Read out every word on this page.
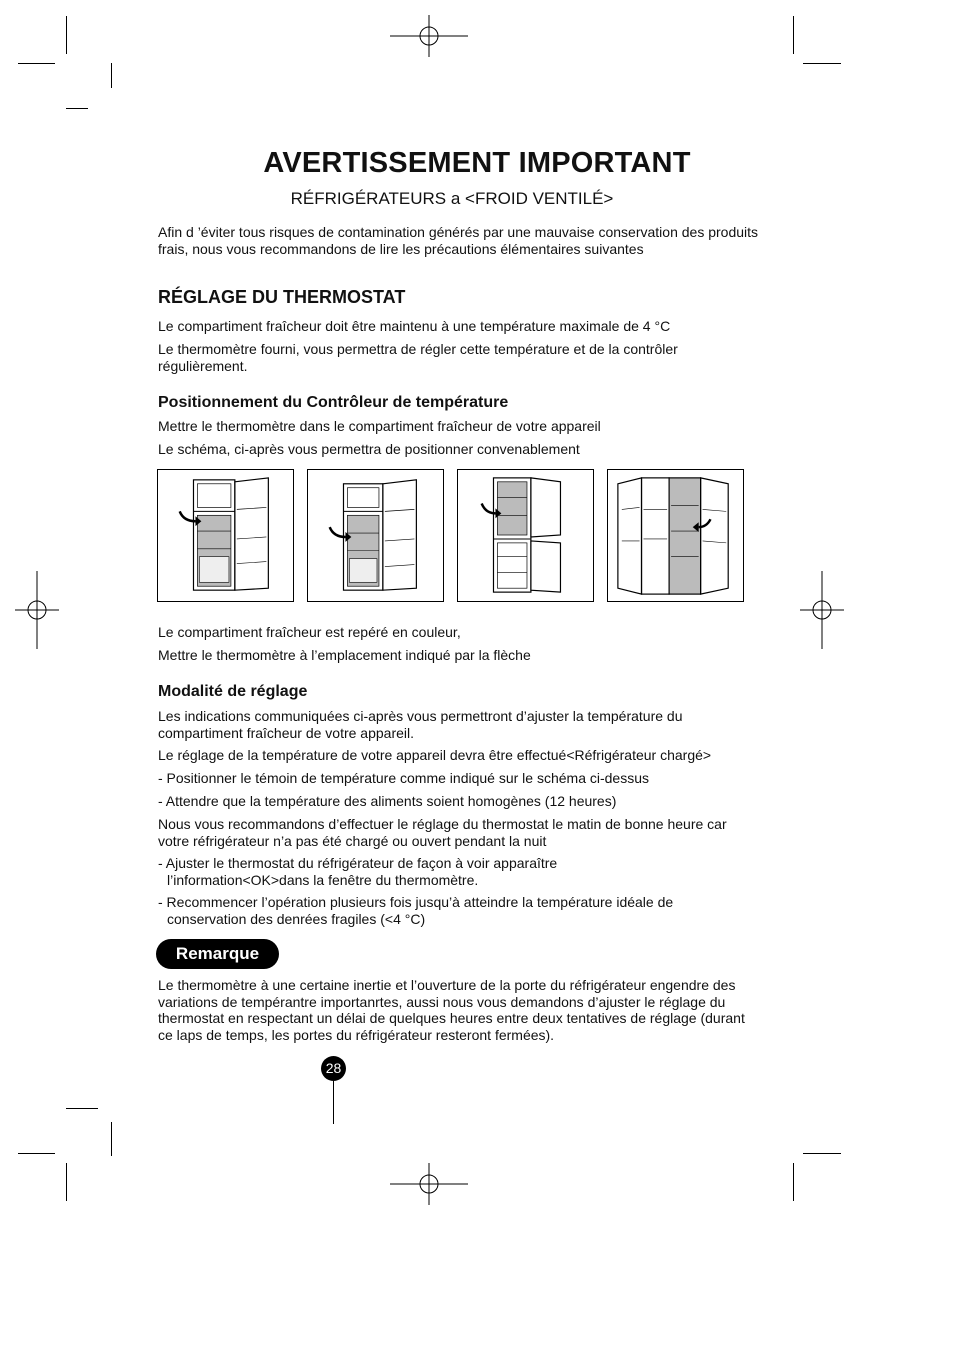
AVERTISSEMENT IMPORTANT
RÉFRIGÉRATEURS a <FROID VENTILÉ>

Afin d ’éviter tous risques de contamination générés par une mauvaise conservation des produits frais, nous vous recommandons de lire les précautions élémentaires suivantes

RÉGLAGE DU THERMOSTAT

Le compartiment fraîcheur doit être maintenu à une température maximale de 4 °C

Le thermomètre fourni, vous permettra de régler cette température et de la contrôler régulièrement.

Positionnement du Contrôleur de température

Mettre le thermomètre dans le compartiment fraîcheur de votre appareil

Le schéma, ci-après vous permettra de positionner convenablement

Le compartiment fraîcheur est repéré en couleur,

Mettre le thermomètre à l’emplacement indiqué par la flèche

Modalité de réglage

Les indications communiquées ci-après vous permettront d’ajuster la température du compartiment fraîcheur de votre appareil.

Le réglage de la température de votre appareil devra être effectué<Réfrigérateur chargé>

- Positionner le témoin de température comme indiqué sur le schéma ci-dessus

- Attendre que la température des aliments soient homogènes (12 heures)

Nous vous recommandons d’effectuer le réglage du thermostat le matin de bonne heure car votre réfrigérateur n’a pas été chargé ou ouvert pendant la nuit

- Ajuster le thermostat du réfrigérateur de façon à voir apparaître l’information<OK>dans la fenêtre du thermomètre.

- Recommencer l’opération plusieurs fois jusqu’à atteindre la température idéale de conservation des denrées fragiles (<4 °C)

Remarque

Le thermomètre à une certaine inertie et l’ouverture de la porte du réfrigérateur engendre des variations de tempérantre importanrtes, aussi nous vous demandons d’ajuster le réglage du thermostat en respectant un délai de quelques heures entre deux tentatives de réglage (durant ce laps de temps, les portes du réfrigérateur resteront fermées).

28
